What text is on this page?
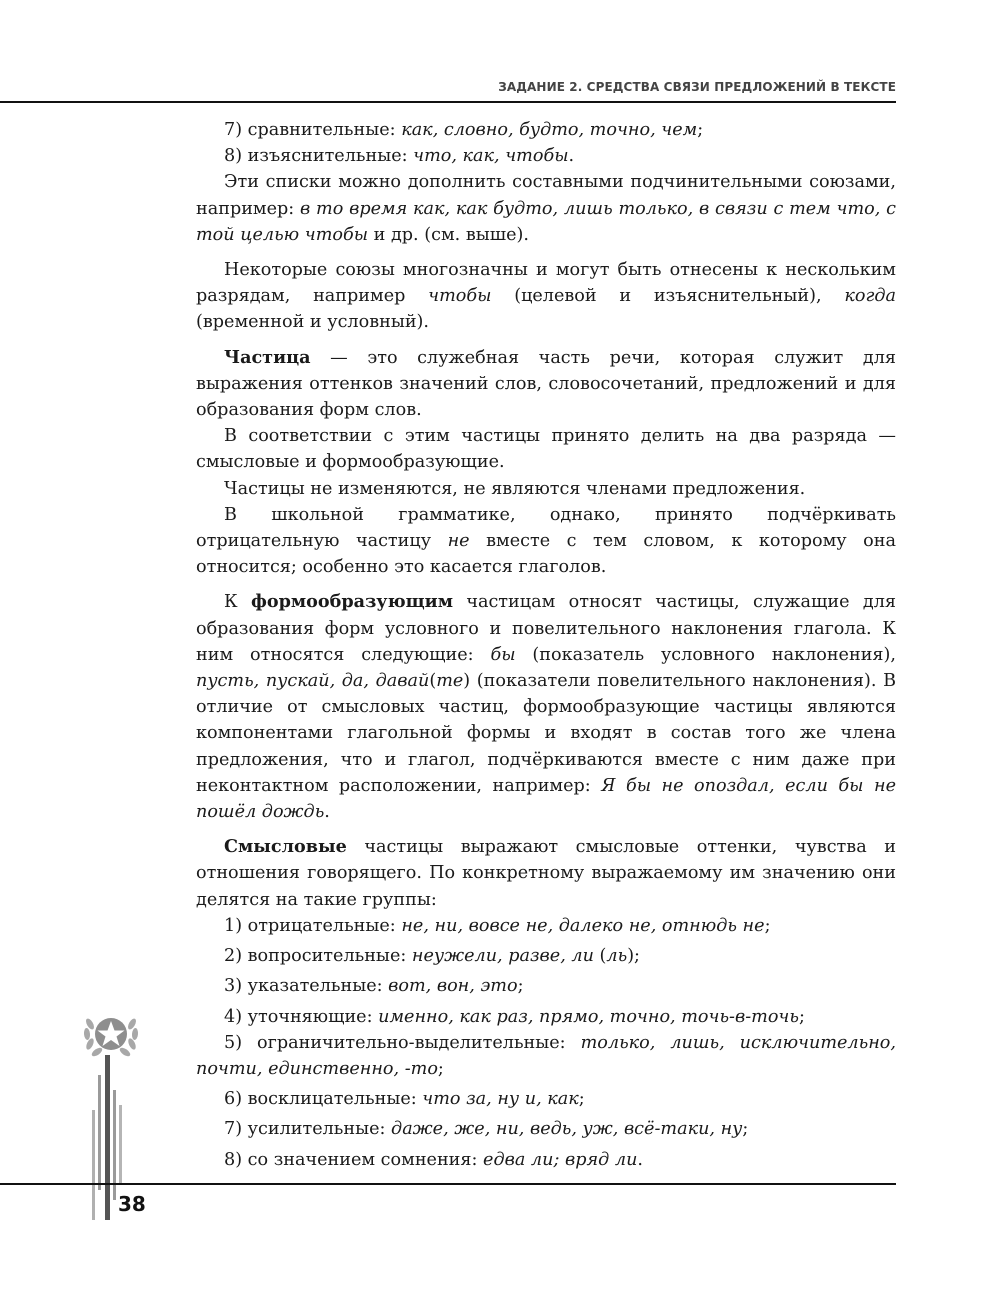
ЗАДАНИЕ 2. СРЕДСТВА СВЯЗИ ПРЕДЛОЖЕНИЙ В ТЕКСТЕ

7) сравнительные: как, словно, будто, точно, чем;

8) изъяснительные: что, как, чтобы.

Эти списки можно дополнить составными подчинительными союзами, например: в то время как, как будто, лишь только, в связи с тем что, с той целью чтобы и др. (см. выше).

Некоторые союзы многозначны и могут быть отнесены к нескольким разрядам, например чтобы (целевой и изъяснительный), когда (временной и условный).

Частица — это служебная часть речи, которая служит для выражения оттенков значений слов, словосочетаний, предложений и для образования форм слов.

В соответствии с этим частицы принято делить на два разряда — смысловые и формообразующие.

Частицы не изменяются, не являются членами предложения.

В школьной грамматике, однако, принято подчёркивать отрицательную частицу не вместе с тем словом, к которому она относится; особенно это касается глаголов.

К формообразующим частицам относят частицы, служащие для образования форм условного и повелительного наклонения глагола. К ним относятся следующие: бы (показатель условного наклонения), пусть, пускай, да, давай(те) (показатели повелительного наклонения). В отличие от смысловых частиц, формообразующие частицы являются компонентами глагольной формы и входят в состав того же члена предложения, что и глагол, подчёркиваются вместе с ним даже при неконтактном расположении, например: Я бы не опоздал, если бы не пошёл дождь.

Смысловые частицы выражают смысловые оттенки, чувства и отношения говорящего. По конкретному выражаемому им значению они делятся на такие группы:

1) отрицательные: не, ни, вовсе не, далеко не, отнюдь не;

2) вопросительные: неужели, разве, ли (ль);

3) указательные: вот, вон, это;

4) уточняющие: именно, как раз, прямо, точно, точь-в-точь;

5) ограничительно-выделительные: только, лишь, исключительно, почти, единственно, -то;

6) восклицательные: что за, ну и, как;

7) усилительные: даже, же, ни, ведь, уж, всё-таки, ну;

8) со значением сомнения: едва ли; вряд ли.

38
